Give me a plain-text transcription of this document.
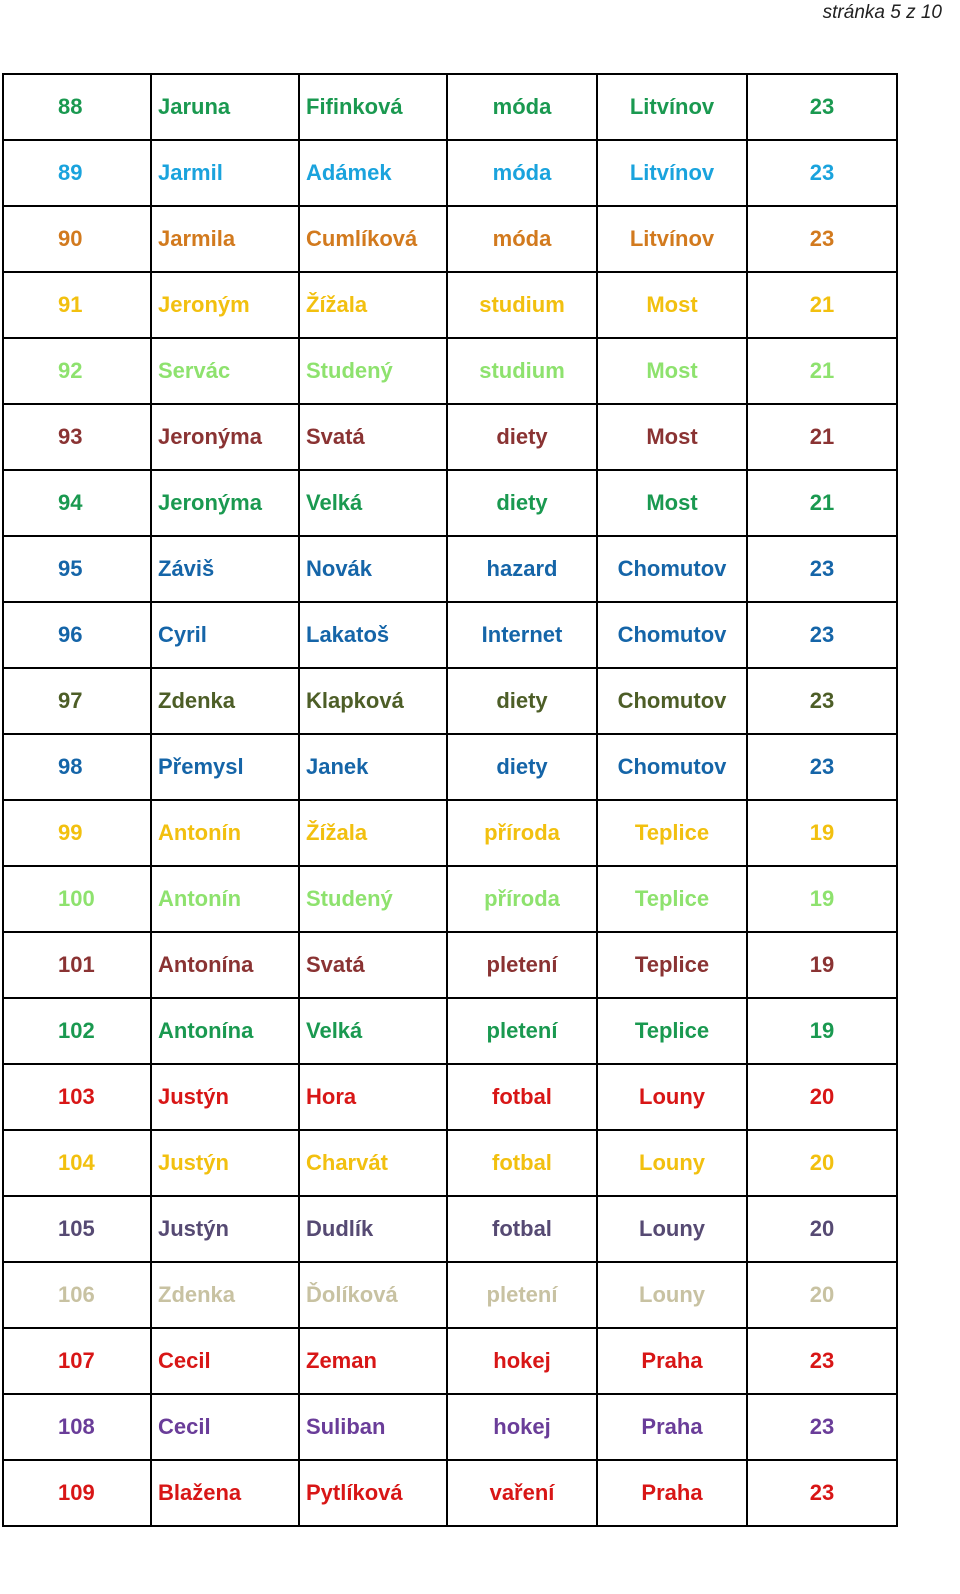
stránka 5 z 10
88	Jaruna	Fifinková	móda	Litvínov	23
89	Jarmil	Adámek	móda	Litvínov	23
90	Jarmila	Cumlíková	móda	Litvínov	23
91	Jeroným	Žížala	studium	Most	21
92	Servác	Studený	studium	Most	21
93	Jeronýma	Svatá	diety	Most	21
94	Jeronýma	Velká	diety	Most	21
95	Záviš	Novák	hazard	Chomutov	23
96	Cyril	Lakatoš	Internet	Chomutov	23
97	Zdenka	Klapková	diety	Chomutov	23
98	Přemysl	Janek	diety	Chomutov	23
99	Antonín	Žížala	příroda	Teplice	19
100	Antonín	Studený	příroda	Teplice	19
101	Antonína	Svatá	pletení	Teplice	19
102	Antonína	Velká	pletení	Teplice	19
103	Justýn	Hora	fotbal	Louny	20
104	Justýn	Charvát	fotbal	Louny	20
105	Justýn	Dudlík	fotbal	Louny	20
106	Zdenka	Ďolíková	pletení	Louny	20
107	Cecil	Zeman	hokej	Praha	23
108	Cecil	Suliban	hokej	Praha	23
109	Blažena	Pytlíková	vaření	Praha	23
